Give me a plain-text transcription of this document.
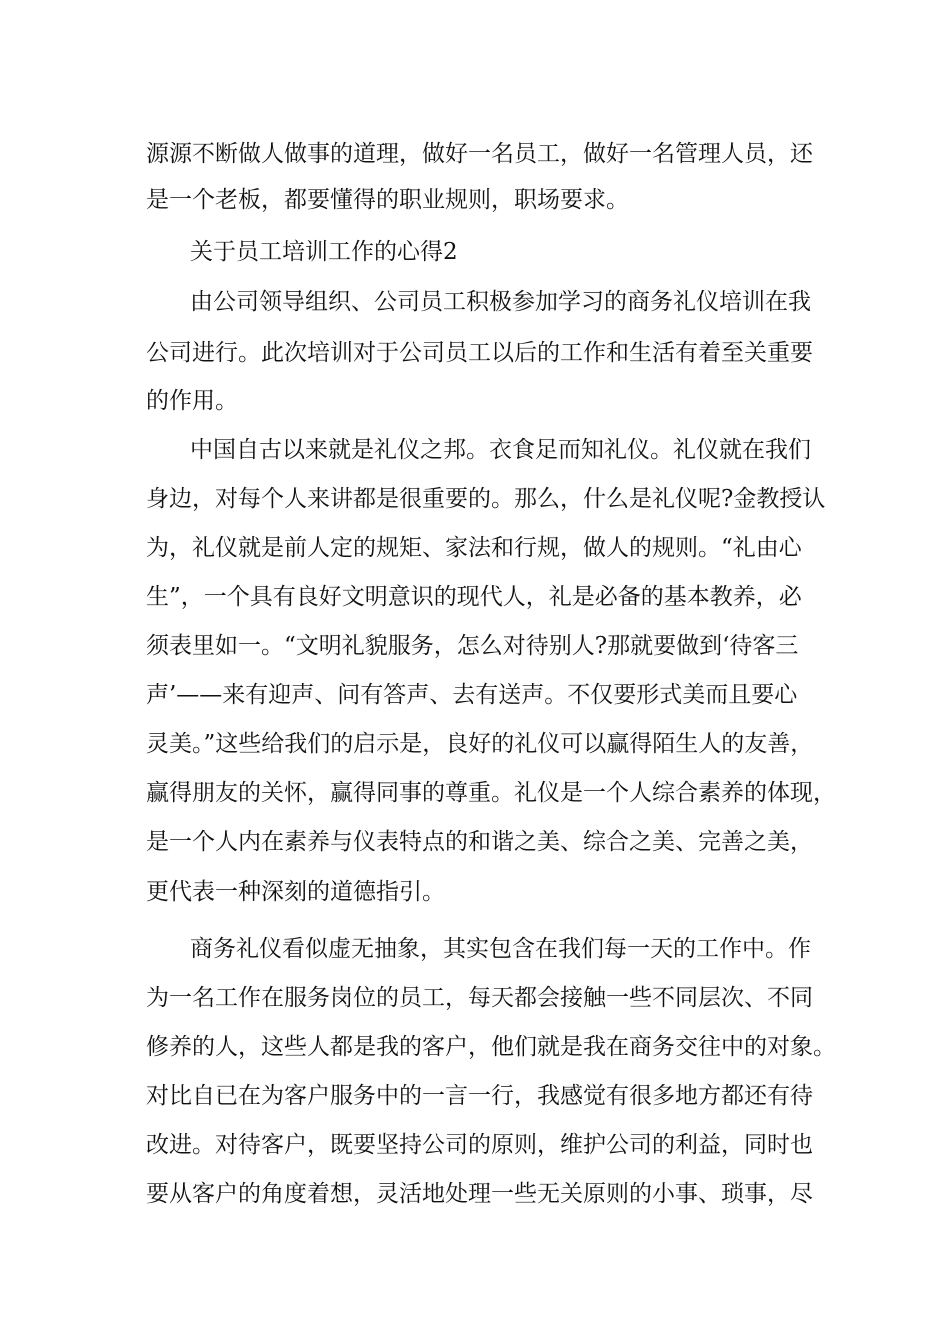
源源不断做人做事的道理，做好一名员工，做好一名管理人员，还
是一个老板，都要懂得的职业规则，职场要求。
关于员工培训工作的心得2
由公司领导组织、公司员工积极参加学习的商务礼仪培训在我
公司进行。此次培训对于公司员工以后的工作和生活有着至关重要
的作用。
中国自古以来就是礼仪之邦。衣食足而知礼仪。礼仪就在我们
身边，对每个人来讲都是很重要的。那么，什么是礼仪呢?金教授认
为，礼仪就是前人定的规矩、家法和行规，做人的规则。“礼由心
生”，一个具有良好文明意识的现代人，礼是必备的基本教养，必
须表里如一。“文明礼貌服务，怎么对待别人?那就要做到‘待客三
声’——来有迎声、问有答声、去有送声。不仅要形式美而且要心
灵美。”这些给我们的启示是，良好的礼仪可以赢得陌生人的友善，
赢得朋友的关怀，赢得同事的尊重。礼仪是一个人综合素养的体现，
是一个人内在素养与仪表特点的和谐之美、综合之美、完善之美，
更代表一种深刻的道德指引。
商务礼仪看似虚无抽象，其实包含在我们每一天的工作中。作
为一名工作在服务岗位的员工，每天都会接触一些不同层次、不同
修养的人，这些人都是我的客户，他们就是我在商务交往中的对象。
对比自已在为客户服务中的一言一行，我感觉有很多地方都还有待
改进。对待客户，既要坚持公司的原则，维护公司的利益，同时也
要从客户的角度着想，灵活地处理一些无关原则的小事、琐事，尽
